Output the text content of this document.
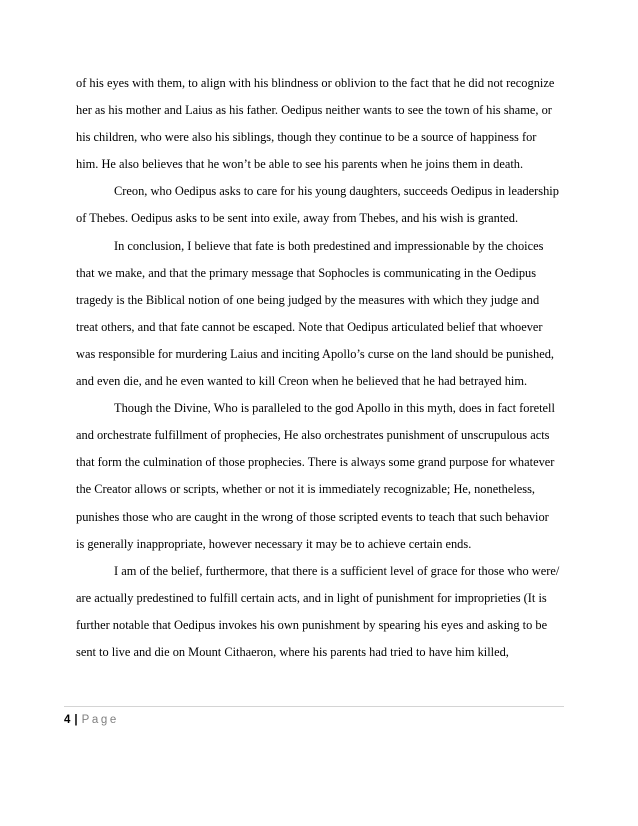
of his eyes with them, to align with his blindness or oblivion to the fact that he did not recognize
her as his mother and Laius as his father. Oedipus neither wants to see the town of his shame, or
his children, who were also his siblings, though they continue to be a source of happiness for
him. He also believes that he won’t be able to see his parents when he joins them in death.
Creon, who Oedipus asks to care for his young daughters, succeeds Oedipus in leadership
of Thebes. Oedipus asks to be sent into exile, away from Thebes, and his wish is granted.
In conclusion, I believe that fate is both predestined and impressionable by the choices
that we make, and that the primary message that Sophocles is communicating in the Oedipus
tragedy is the Biblical notion of one being judged by the measures with which they judge and
treat others, and that fate cannot be escaped. Note that Oedipus articulated belief that whoever
was responsible for murdering Laius and inciting Apollo’s curse on the land should be punished,
and even die, and he even wanted to kill Creon when he believed that he had betrayed him.
Though the Divine, Who is paralleled to the god Apollo in this myth, does in fact foretell
and orchestrate fulfillment of prophecies, He also orchestrates punishment of unscrupulous acts
that form the culmination of those prophecies. There is always some grand purpose for whatever
the Creator allows or scripts, whether or not it is immediately recognizable; He, nonetheless,
punishes those who are caught in the wrong of those scripted events to teach that such behavior
is generally inappropriate, however necessary it may be to achieve certain ends.
I am of the belief, furthermore, that there is a sufficient level of grace for those who were/
are actually predestined to fulfill certain acts, and in light of punishment for improprieties (It is
further notable that Oedipus invokes his own punishment by spearing his eyes and asking to be
sent to live and die on Mount Cithaeron, where his parents had tried to have him killed,
4 | Page
